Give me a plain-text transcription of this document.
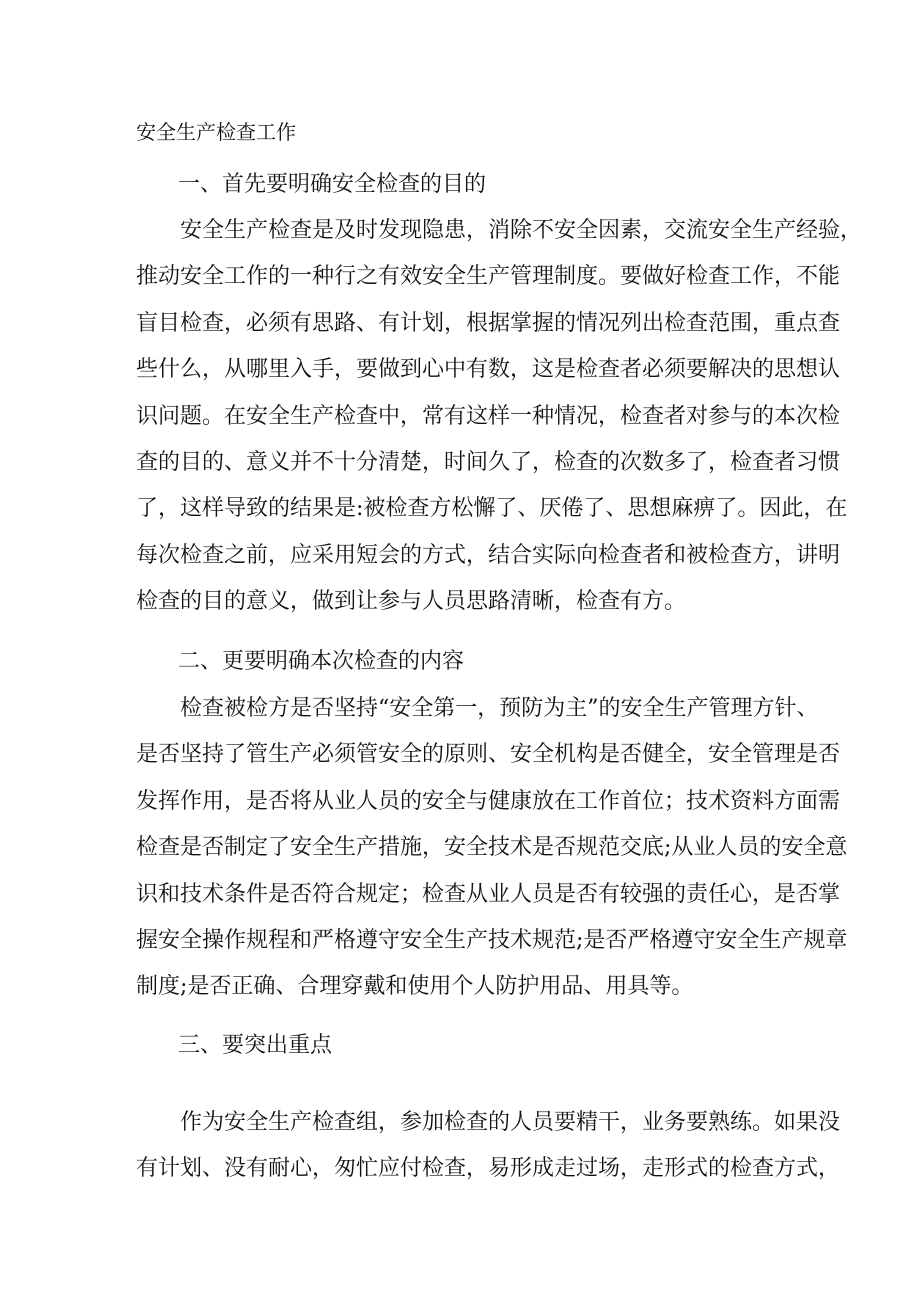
安全生产检查工作
一、首先要明确安全检查的目的
安全生产检查是及时发现隐患，消除不安全因素，交流安全生产经验，
推动安全工作的一种行之有效安全生产管理制度。要做好检查工作，不能
盲目检查，必须有思路、有计划，根据掌握的情况列出检查范围，重点查
些什么，从哪里入手，要做到心中有数，这是检查者必须要解决的思想认
识问题。在安全生产检查中，常有这样一种情况，检查者对参与的本次检
查的目的、意义并不十分清楚，时间久了，检查的次数多了，检查者习惯
了，这样导致的结果是:被检查方松懈了、厌倦了、思想麻痹了。因此，在
每次检查之前，应采用短会的方式，结合实际向检查者和被检查方，讲明
检查的目的意义，做到让参与人员思路清晰，检查有方。
二、更要明确本次检查的内容
检查被检方是否坚持“安全第一，预防为主”的安全生产管理方针、
是否坚持了管生产必须管安全的原则、安全机构是否健全，安全管理是否
发挥作用，是否将从业人员的安全与健康放在工作首位；技术资料方面需
检查是否制定了安全生产措施，安全技术是否规范交底;从业人员的安全意
识和技术条件是否符合规定；检查从业人员是否有较强的责任心，是否掌
握安全操作规程和严格遵守安全生产技术规范;是否严格遵守安全生产规章
制度;是否正确、合理穿戴和使用个人防护用品、用具等。
三、要突出重点
作为安全生产检查组，参加检查的人员要精干，业务要熟练。如果没
有计划、没有耐心，匆忙应付检查，易形成走过场，走形式的检查方式，
